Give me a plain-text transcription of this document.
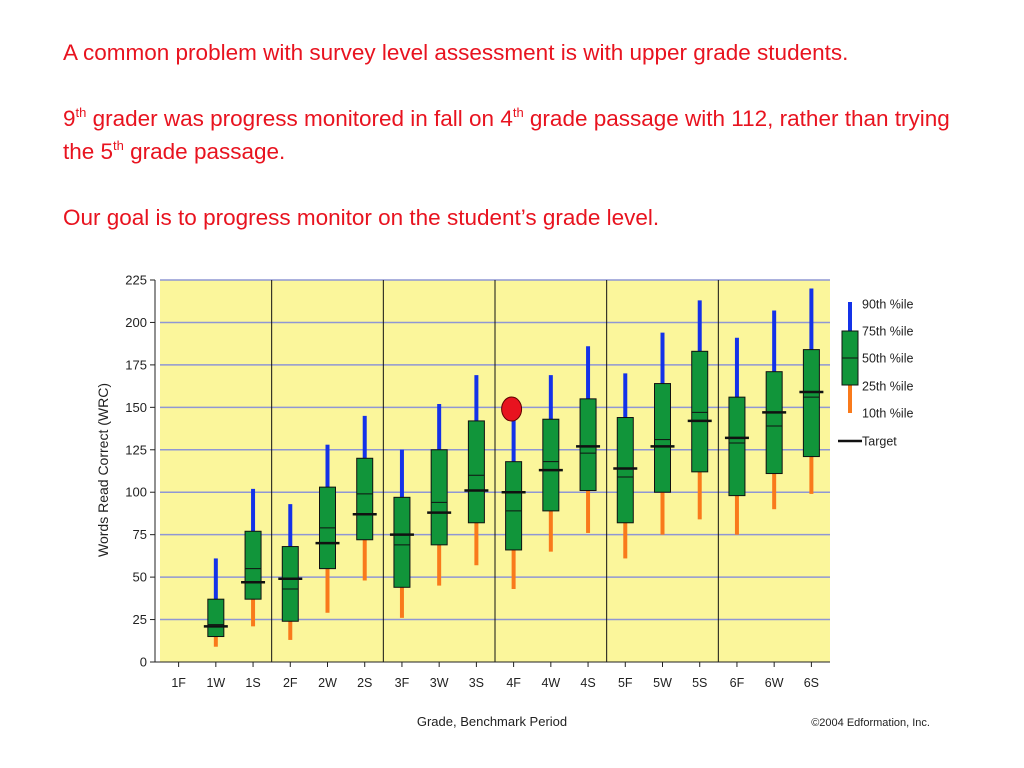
A common problem with survey level assessment is with upper grade students.

9th grader was progress monitored in fall on 4th grade passage with 112, rather than trying the 5th grade passage.

Our goal is to progress monitor on the student’s grade level.

0
25
50
75
100
125
150
175
200
225
1F 1W 1S 2F 2W 2S 3F 3W 3S 4F 4W 4S 5F 5W 5S 6F 6W 6S
Words Read Correct (WRC)
Grade, Benchmark Period	©2004 Edformation, Inc.
10th %ile
25th %ile
50th %ile
75th %ile
90th %ile
Target
